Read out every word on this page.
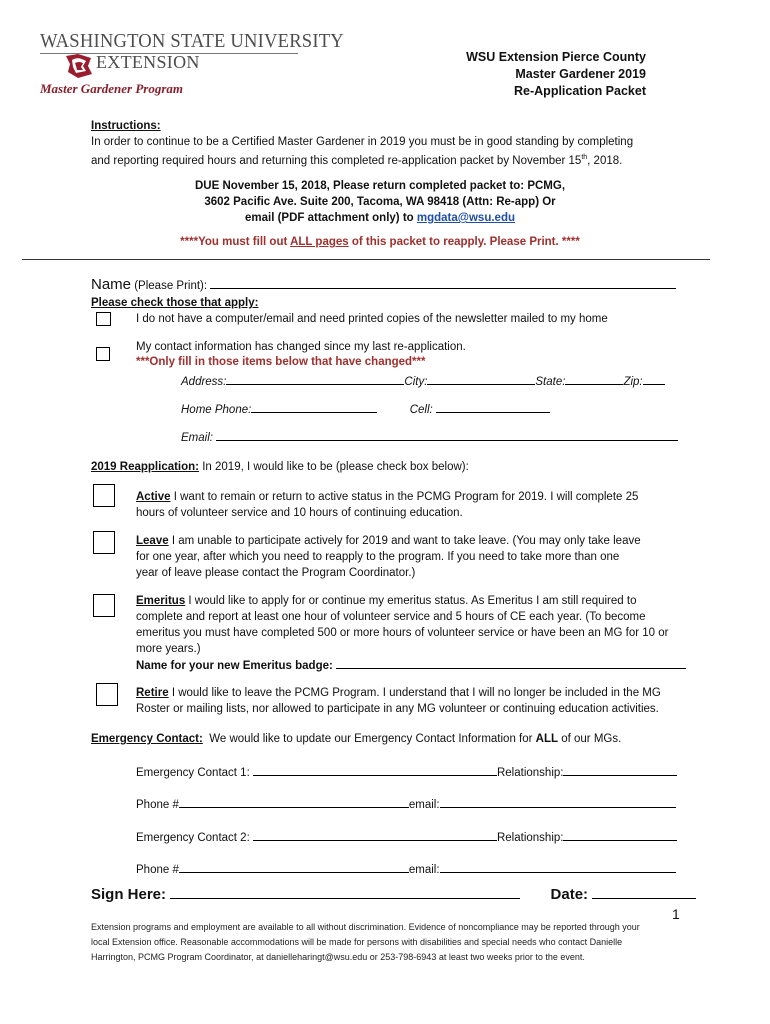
WASHINGTON STATE UNIVERSITY
EXTENSION
Master Gardener Program
WSU Extension Pierce County
Master Gardener 2019
Re-Application Packet
Instructions:
In order to continue to be a Certified Master Gardener in 2019 you must be in good standing by completing
and reporting required hours and returning this completed re-application packet by November 15th, 2018.
DUE November 15, 2018, Please return completed packet to: PCMG,
3602 Pacific Ave. Suite 200, Tacoma, WA 98418 (Attn: Re-app) Or
email (PDF attachment only) to mgdata@wsu.edu
****You must fill out ALL pages of this packet to reapply. Please Print. ****
Name (Please Print):
Please check those that apply:
I do not have a computer/email and need printed copies of the newsletter mailed to my home
My contact information has changed since my last re-application.
***Only fill in those items below that have changed***
Address:	City:	State:	Zip:
Home Phone:	Cell:
Email:
2019 Reapplication: In 2019, I would like to be (please check box below):
Active I want to remain or return to active status in the PCMG Program for 2019. I will complete 25
hours of volunteer service and 10 hours of continuing education.
Leave I am unable to participate actively for 2019 and want to take leave. (You may only take leave
for one year, after which you need to reapply to the program. If you need to take more than one
year of leave please contact the Program Coordinator.)
Emeritus I would like to apply for or continue my emeritus status. As Emeritus I am still required to
complete and report at least one hour of volunteer service and 5 hours of CE each year. (To become
emeritus you must have completed 500 or more hours of volunteer service or have been an MG for 10 or
more years.)
Name for your new Emeritus badge:
Retire I would like to leave the PCMG Program. I understand that I will no longer be included in the MG
Roster or mailing lists, nor allowed to participate in any MG volunteer or continuing education activities.
Emergency Contact: We would like to update our Emergency Contact Information for ALL of our MGs.
Emergency Contact 1:	Relationship:
Phone #	email:
Emergency Contact 2:	Relationship:
Phone #	email:
Sign Here:	Date:
1
Extension programs and employment are available to all without discrimination. Evidence of noncompliance may be reported through your
local Extension office. Reasonable accommodations will be made for persons with disabilities and special needs who contact Danielle
Harrington, PCMG Program Coordinator, at danielleharingt@wsu.edu or 253-798-6943 at least two weeks prior to the event.
